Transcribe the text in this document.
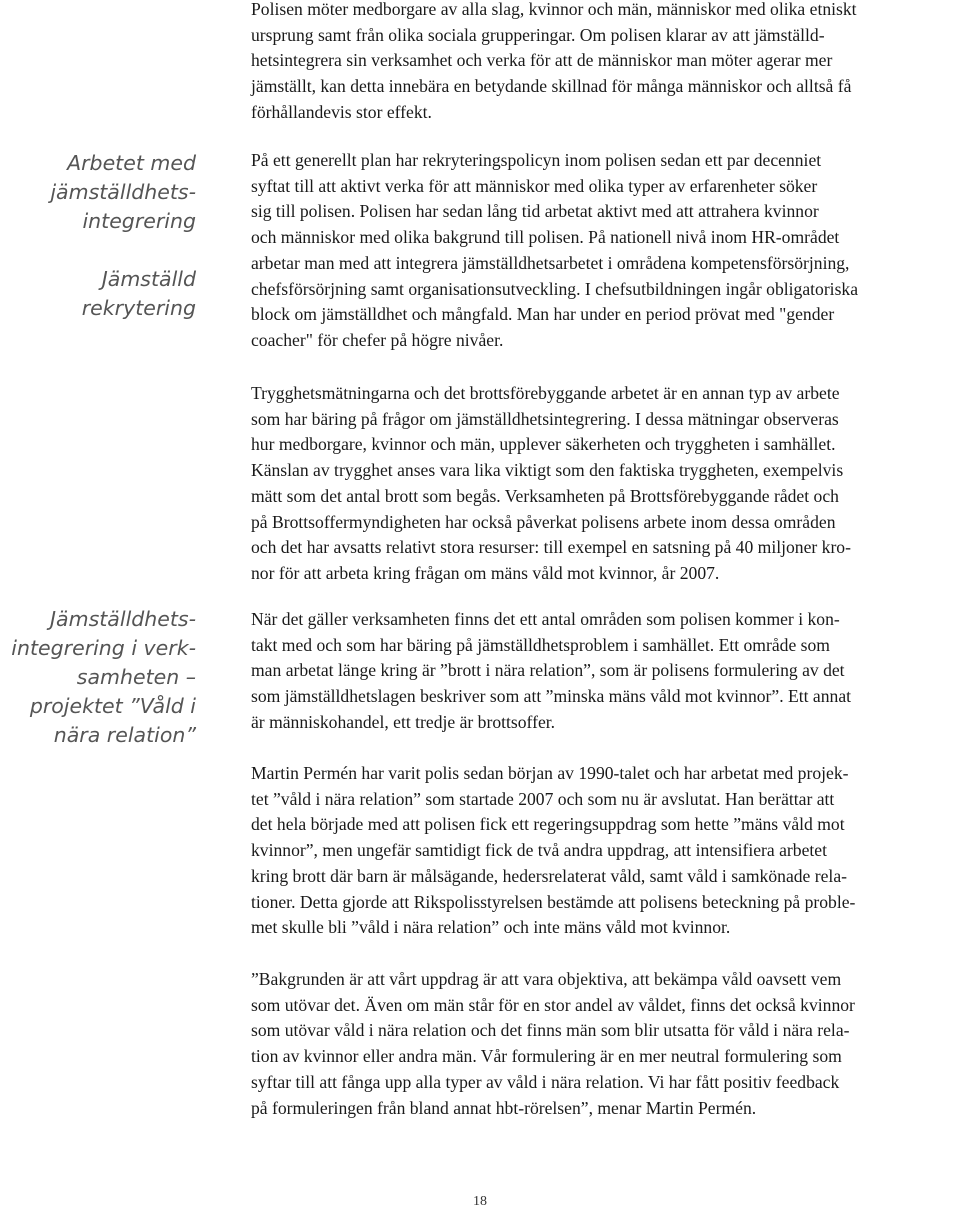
Arbetet med
jämställdhets-
integrering
Jämställd
rekrytering
Jämställdhets-
integrering i verk-
samheten –
projektet ”Våld i
nära relation”
Polisen möter medborgare av alla slag, kvinnor och män, människor med olika etniskt
ursprung samt från olika sociala grupperingar. Om polisen klarar av att jämställd-
hetsintegrera sin verksamhet och verka för att de människor man möter agerar mer
jämställt, kan detta innebära en betydande skillnad för många människor och alltså få
förhållandevis stor effekt.
På ett generellt plan har rekryteringspolicyn inom polisen sedan ett par decenniet
syftat till att aktivt verka för att människor med olika typer av erfarenheter söker
sig till polisen. Polisen har sedan lång tid arbetat aktivt med att attrahera kvinnor
och människor med olika bakgrund till polisen. På nationell nivå inom HR-området
arbetar man med att integrera jämställdhetsarbetet i områdena kompetensförsörjning,
chefsförsörjning samt organisationsutveckling. I chefsutbildningen ingår obligatoriska
block om jämställdhet och mångfald. Man har under en period prövat med "gender
coacher" för chefer på högre nivåer.
Trygghetsmätningarna och det brottsförebyggande arbetet är en annan typ av arbete
som har bäring på frågor om jämställdhetsintegrering. I dessa mätningar observeras
hur medborgare, kvinnor och män, upplever säkerheten och tryggheten i samhället.
Känslan av trygghet anses vara lika viktigt som den faktiska tryggheten, exempelvis
mätt som det antal brott som begås. Verksamheten på Brottsförebyggande rådet och
på Brottsoffermyndigheten har också påverkat polisens arbete inom dessa områden
och det har avsatts relativt stora resurser: till exempel en satsning på 40 miljoner kro-
nor för att arbeta kring frågan om mäns våld mot kvinnor, år 2007.
När det gäller verksamheten finns det ett antal områden som polisen kommer i kon-
takt med och som har bäring på jämställdhetsproblem i samhället. Ett område som
man arbetat länge kring är ”brott i nära relation”, som är polisens formulering av det
som jämställdhetslagen beskriver som att ”minska mäns våld mot kvinnor”. Ett annat
är människohandel, ett tredje är brottsoffer.
Martin Permén har varit polis sedan början av 1990-talet och har arbetat med projek-
tet ”våld i nära relation” som startade 2007 och som nu är avslutat. Han berättar att
det hela började med att polisen fick ett regeringsuppdrag som hette ”mäns våld mot
kvinnor”, men ungefär samtidigt fick de två andra uppdrag, att intensifiera arbetet
kring brott där barn är målsägande, hedersrelaterat våld, samt våld i samkönade rela-
tioner. Detta gjorde att Rikspolisstyrelsen bestämde att polisens beteckning på proble-
met skulle bli ”våld i nära relation” och inte mäns våld mot kvinnor.
”Bakgrunden är att vårt uppdrag är att vara objektiva, att bekämpa våld oavsett vem
som utövar det. Även om män står för en stor andel av våldet, finns det också kvinnor
som utövar våld i nära relation och det finns män som blir utsatta för våld i nära rela-
tion av kvinnor eller andra män. Vår formulering är en mer neutral formulering som
syftar till att fånga upp alla typer av våld i nära relation. Vi har fått positiv feedback
på formuleringen från bland annat hbt-rörelsen”, menar Martin Permén.
18
